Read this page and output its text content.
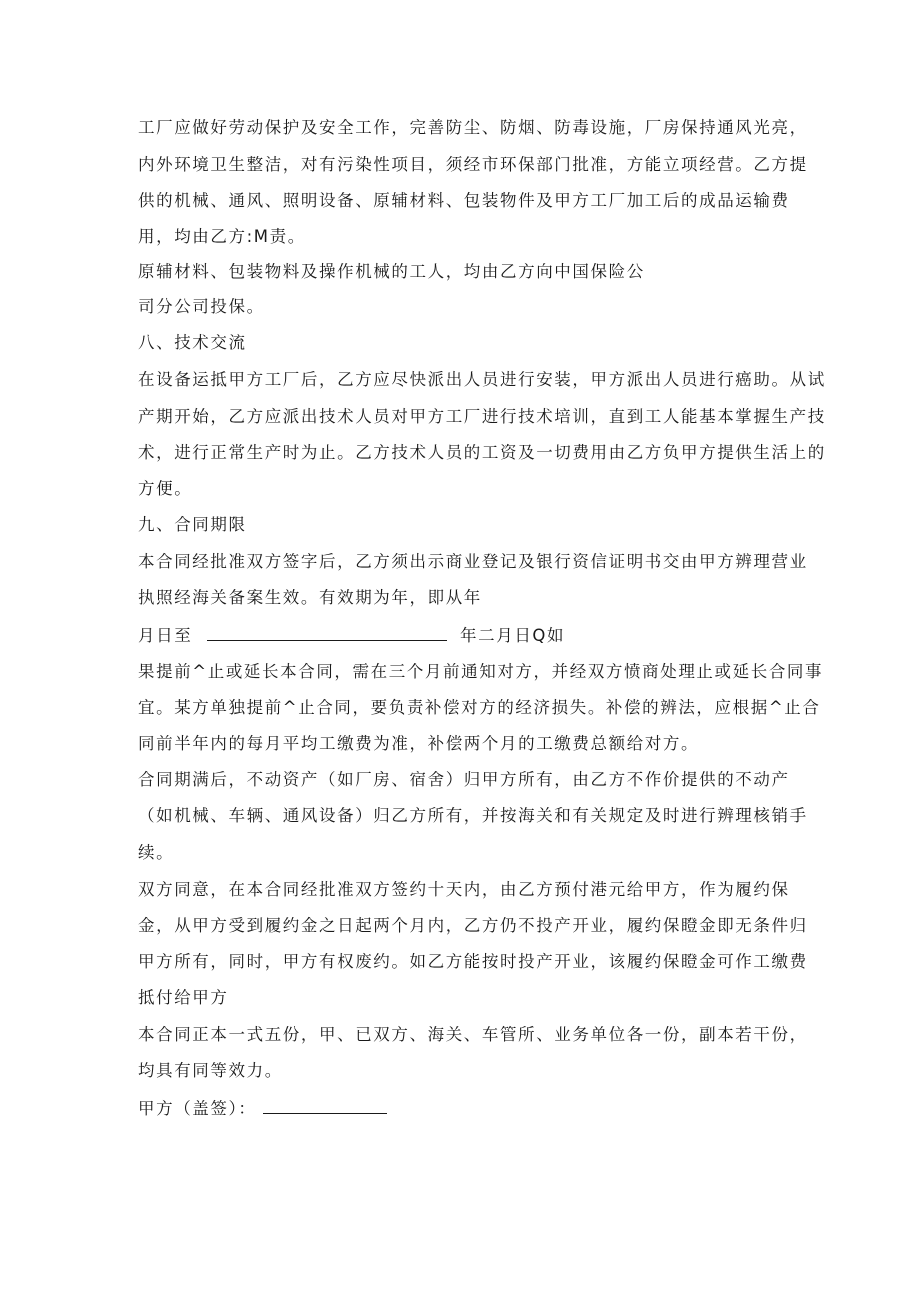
工厂应做好劳动保护及安全工作，完善防尘、防烟、防毒设施，厂房保持通风光亮，
内外环境卫生整洁，对有污染性项目，须经市环保部门批准，方能立项经营。乙方提
供的机械、通风、照明设备、原辅材料、包装物件及甲方工厂加工后的成品运输费
用，均由乙方:M责。
原辅材料、包装物料及操作机械的工人，均由乙方向中国保险公
司分公司投保。
八、技术交流
在设备运抵甲方工厂后，乙方应尽快派出人员进行安装，甲方派出人员进行癌助。从试
产期开始，乙方应派出技术人员对甲方工厂进行技术培训，直到工人能基本掌握生产技
术，进行正常生产时为止。乙方技术人员的工资及一切费用由乙方负甲方提供生活上的
方便。
九、合同期限
本合同经批准双方签字后，乙方须出示商业登记及银行资信证明书交由甲方辨理营业
执照经海关备案生效。有效期为年，即从年
月日至	年二月日Q如
果提前^止或延长本合同，需在三个月前通知对方，并经双方愤商处理止或延长合同事
宜。某方单独提前^止合同，要负责补偿对方的经济损失。补偿的辨法，应根据^止合
同前半年内的每月平均工缴费为准，补偿两个月的工缴费总额给对方。
合同期满后，不动资产（如厂房、宿舍）归甲方所有，由乙方不作价提供的不动产
（如机械、车辆、通风设备）归乙方所有，并按海关和有关规定及时进行辨理核销手
续。
双方同意，在本合同经批准双方签约十天内，由乙方预付港元给甲方，作为履约保
金，从甲方受到履约金之日起两个月内，乙方仍不投产开业，履约保瞪金即无条件归
甲方所有，同时，甲方有权废约。如乙方能按时投产开业，该履约保瞪金可作工缴费
抵付给甲方
本合同正本一式五份，甲、已双方、海关、车管所、业务单位各一份，副本若干份，
均具有同等效力。
甲方（盖签）：
